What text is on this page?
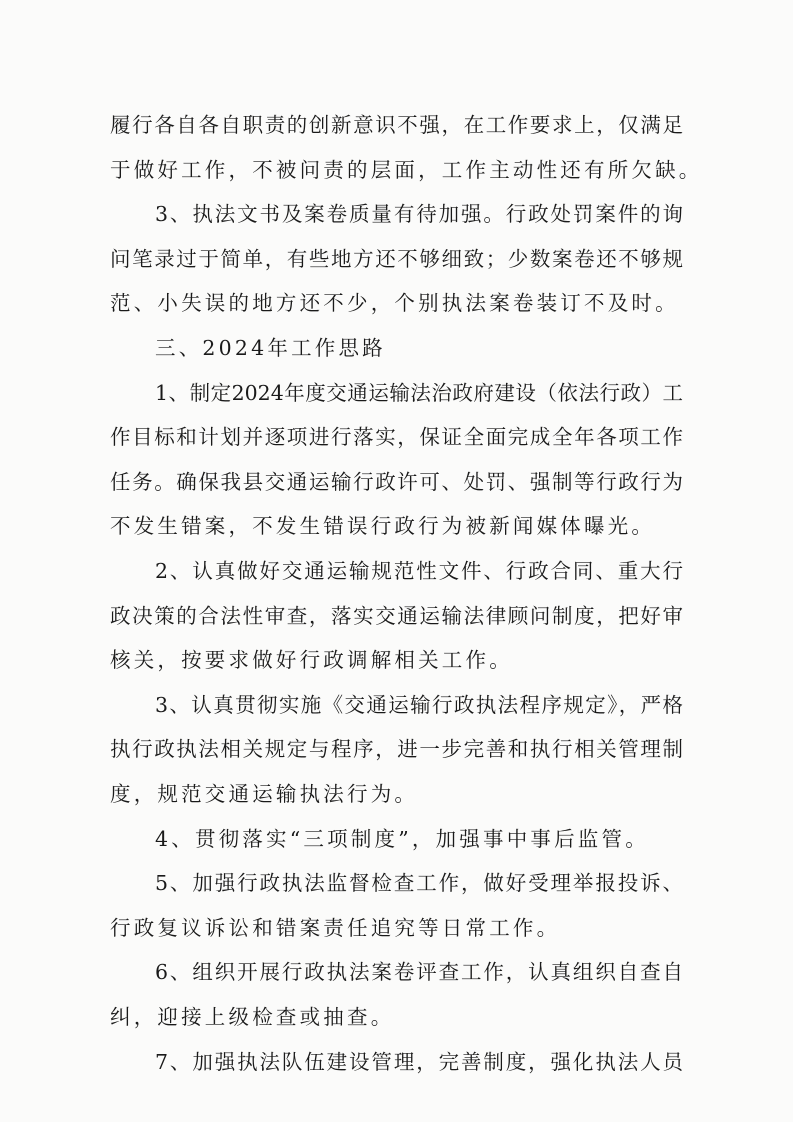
履行各自各自职责的创新意识不强，在工作要求上，仅满足
于做好工作，不被问责的层面，工作主动性还有所欠缺。
3、执法文书及案卷质量有待加强。行政处罚案件的询
问笔录过于简单，有些地方还不够细致；少数案卷还不够规
范、小失误的地方还不少，个别执法案卷装订不及时。
三、2024年工作思路
1、制定2024年度交通运输法治政府建设（依法行政）工
作目标和计划并逐项进行落实，保证全面完成全年各项工作
任务。确保我县交通运输行政许可、处罚、强制等行政行为
不发生错案，不发生错误行政行为被新闻媒体曝光。
2、认真做好交通运输规范性文件、行政合同、重大行
政决策的合法性审查，落实交通运输法律顾问制度，把好审
核关，按要求做好行政调解相关工作。
3、认真贯彻实施《交通运输行政执法程序规定》，严格
执行政执法相关规定与程序，进一步完善和执行相关管理制
度，规范交通运输执法行为。
4、贯彻落实“三项制度”，加强事中事后监管。
5、加强行政执法监督检查工作，做好受理举报投诉、
行政复议诉讼和错案责任追究等日常工作。
6、组织开展行政执法案卷评查工作，认真组织自查自
纠，迎接上级检查或抽查。
7、加强执法队伍建设管理，完善制度，强化执法人员
